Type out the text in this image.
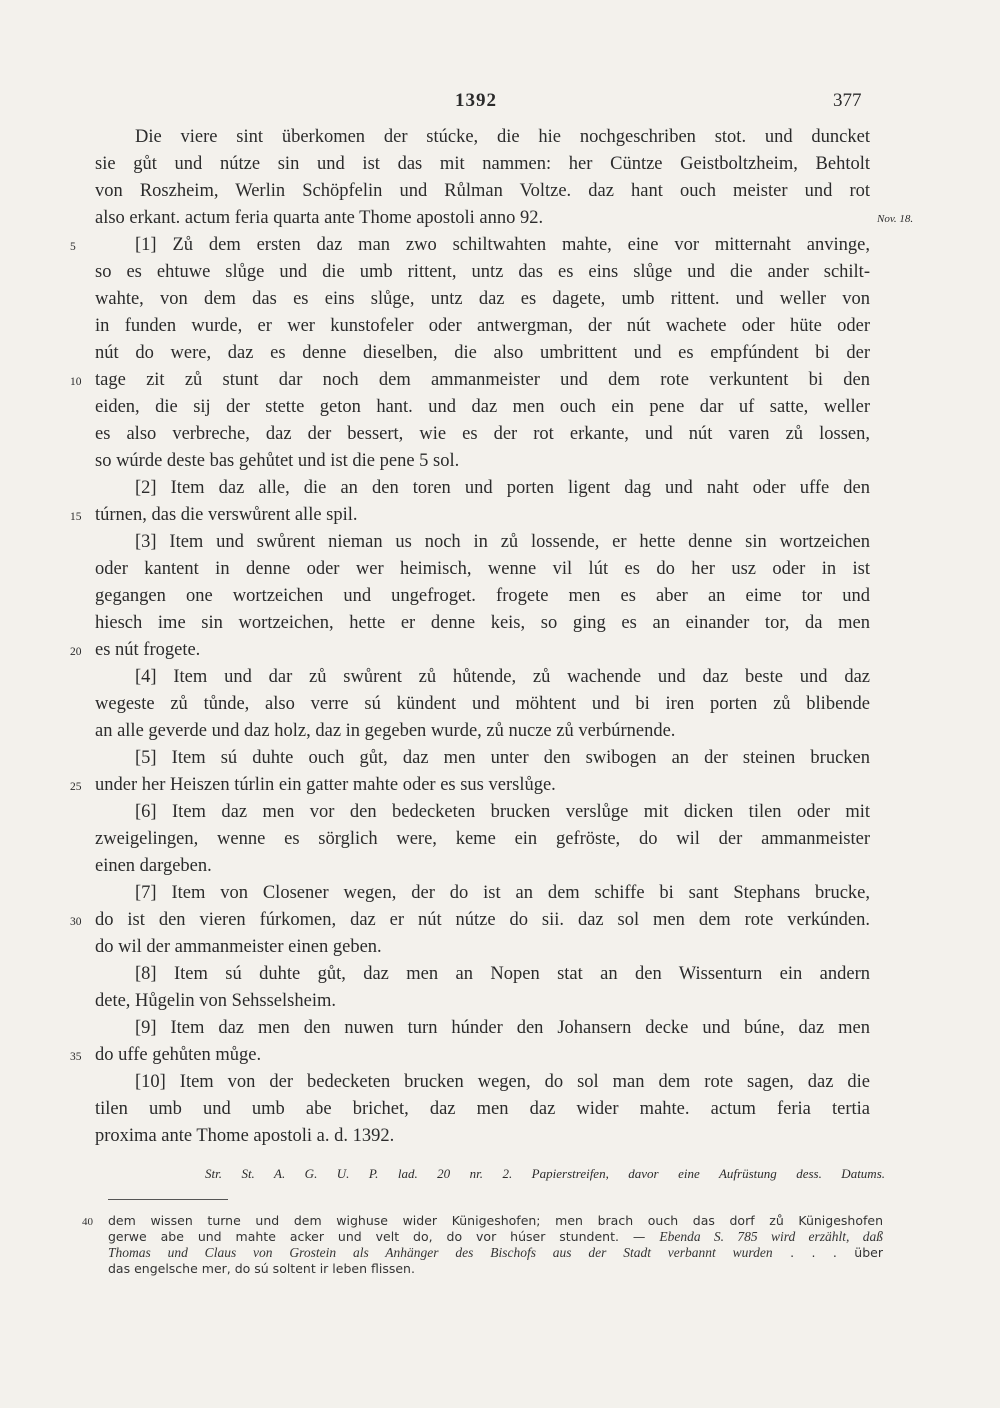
1392	377
Die viere sint überkomen der stúcke, die hie nochgeschriben stot. und duncket
sie gůt und nútze sin und ist das mit nammen: her Cüntze Geistboltzheim, Behtolt
von Roszheim, Werlin Schöpfelin und Růlman Voltze. daz hant ouch meister und rot
also erkant. actum feria quarta ante Thome apostoli anno 92.	Nov. 18.
[1] Zů dem ersten daz man zwo schiltwahten mahte, eine vor mitternaht anvinge,
5
so es ehtuwe slůge und die umb rittent, untz das es eins slůge und die ander schilt-
wahte, von dem das es eins slůge, untz daz es dagete, umb rittent. und weller von
in funden wurde, er wer kunstofeler oder antwergman, der nút wachete oder hüte oder
nút do were, daz es denne dieselben, die also umbrittent und es empfúndent bi der
tage zit zů stunt dar noch dem ammanmeister und dem rote verkuntent bi den
10
eiden, die sij der stette geton hant. und daz men ouch ein pene dar uf satte, weller
es also verbreche, daz der bessert, wie es der rot erkante, und nút varen zů lossen,
so wúrde deste bas gehůtet und ist die pene 5 sol.
[2] Item daz alle, die an den toren und porten ligent dag und naht oder uffe den
túrnen, das die verswůrent alle spil.
15
[3] Item und swůrent nieman us noch in zů lossende, er hette denne sin wortzeichen
oder kantent in denne oder wer heimisch, wenne vil lút es do her usz oder in ist
gegangen one wortzeichen und ungefroget. frogete men es aber an eime tor und
hiesch ime sin wortzeichen, hette er denne keis, so ging es an einander tor, da men
es nút frogete.
20
[4] Item und dar zů swůrent zů hůtende, zů wachende und daz beste und daz
wegeste zů tůnde, also verre sú kündent und möhtent und bi iren porten zů blibende
an alle geverde und daz holz, daz in gegeben wurde, zů nucze zů verbúrnende.
[5] Item sú duhte ouch gůt, daz men unter den swibogen an der steinen brucken
under her Heiszen túrlin ein gatter mahte oder es sus verslůge.
25
[6] Item daz men vor den bedecketen brucken verslůge mit dicken tilen oder mit
zweigelingen, wenne es sörglich were, keme ein gefröste, do wil der ammanmeister
einen dargeben.
[7] Item von Closener wegen, der do ist an dem schiffe bi sant Stephans brucke,
do ist den vieren fúrkomen, daz er nút nútze do sii. daz sol men dem rote verkúnden.
30
do wil der ammanmeister einen geben.
[8] Item sú duhte gůt, daz men an Nopen stat an den Wissenturn ein andern
dete, Hůgelin von Sehsselsheim.
[9] Item daz men den nuwen turn húnder den Johansern decke und búne, daz men
do uffe gehůten můge.
35
[10] Item von der bedecketen brucken wegen, do sol man dem rote sagen, daz die
tilen umb und umb abe brichet, daz men daz wider mahte. actum feria tertia
proxima ante Thome apostoli a. d. 1392.
Str. St. A. G. U. P. lad. 20 nr. 2. Papierstreifen, davor eine Aufrüstung dess. Datums.
dem wissen turne und dem wighuse wider Künigeshofen; men brach ouch das dorf zů Künigeshofen
40
gerwe abe und mahte acker und velt do, do vor húser stundent. — Ebenda S. 785 wird erzählt, daß
Thomas und Claus von Grostein als Anhänger des Bischofs aus der Stadt verbannt wurden . . . über
das engelsche mer, do sú soltent ir leben flissen.
